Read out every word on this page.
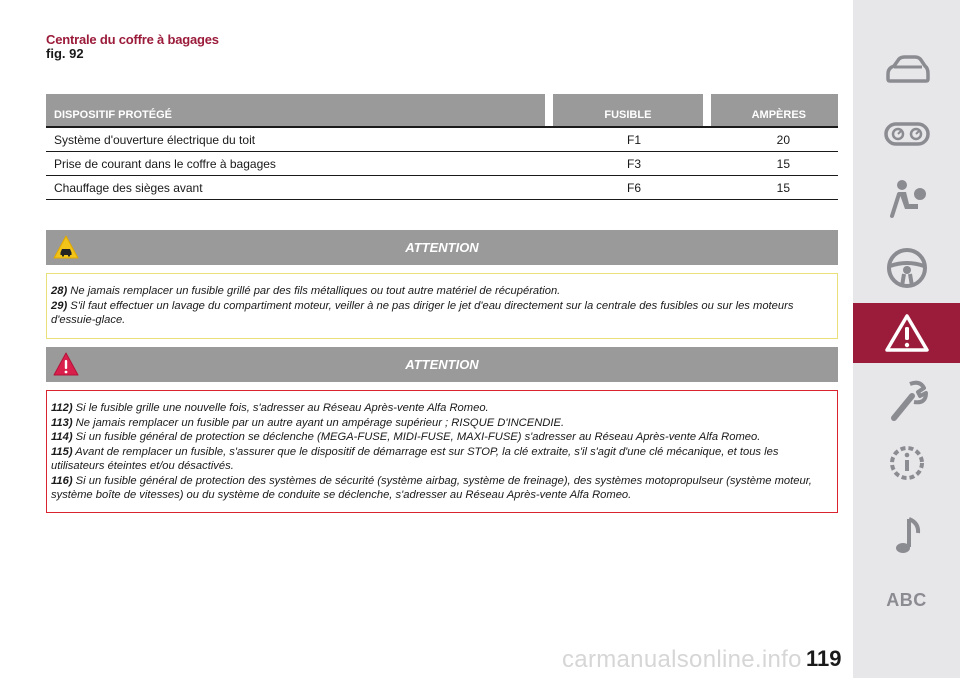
Centrale du coffre à bagages
fig. 92
DISPOSITIF PROTÉGÉ	FUSIBLE	AMPÈRES
Système d'ouverture électrique du toit	F1	20
Prise de courant dans le coffre à bagages	F3	15
Chauffage des sièges avant	F6	15
ATTENTION

28) Ne jamais remplacer un fusible grillé par des fils métalliques ou tout autre matériel de récupération.

29) S'il faut effectuer un lavage du compartiment moteur, veiller à ne pas diriger le jet d'eau directement sur la centrale des fusibles ou sur les moteurs d'essuie-glace.

ATTENTION

112) Si le fusible grille une nouvelle fois, s'adresser au Réseau Après-vente Alfa Romeo.

113) Ne jamais remplacer un fusible par un autre ayant un ampérage supérieur ; RISQUE D'INCENDIE.

114) Si un fusible général de protection se déclenche (MEGA-FUSE, MIDI-FUSE, MAXI-FUSE) s'adresser au Réseau Après-vente Alfa Romeo.

115) Avant de remplacer un fusible, s'assurer que le dispositif de démarrage est sur STOP, la clé extraite, s'il s'agit d'une clé mécanique, et tous les utilisateurs éteintes et/ou désactivés.

116) Si un fusible général de protection des systèmes de sécurité (système airbag, système de freinage), des systèmes motopropulseur (système moteur, système boîte de vitesses) ou du système de conduite se déclenche, s'adresser au Réseau Après-vente Alfa Romeo.

ABC
carmanualsonline.info 119
